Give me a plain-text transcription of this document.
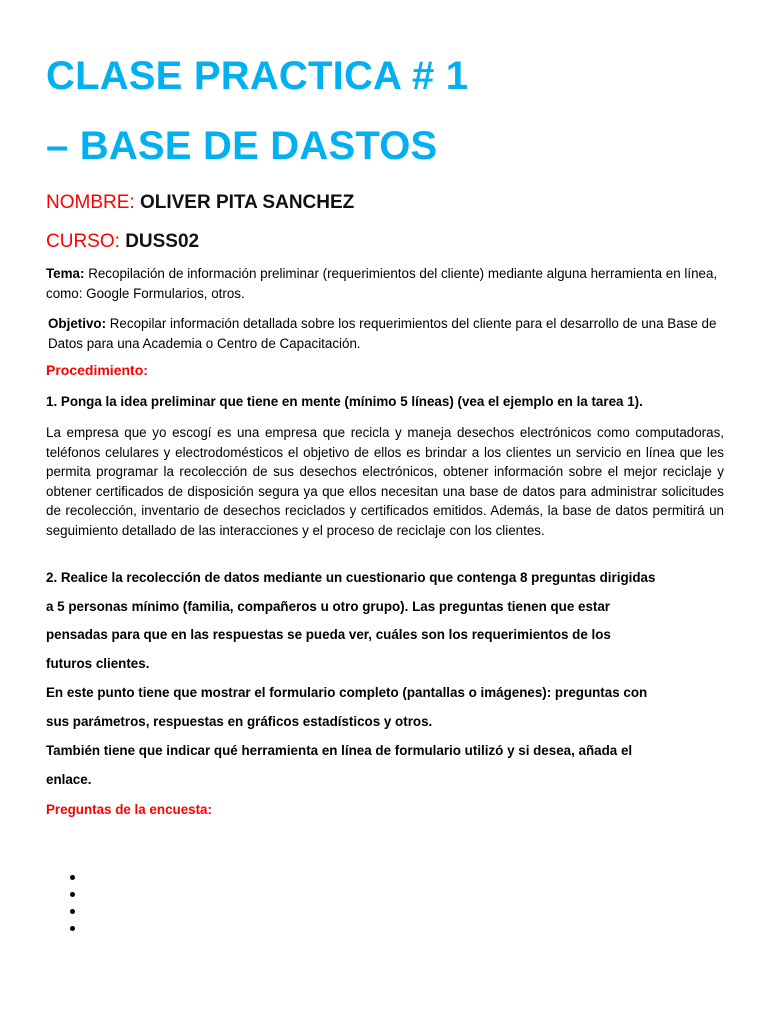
CLASE PRACTICA # 1
– BASE DE DASTOS
NOMBRE: OLIVER PITA SANCHEZ
CURSO: DUSS02

Tema: Recopilación de información preliminar (requerimientos del cliente) mediante alguna herramienta en línea, como: Google Formularios, otros.

Objetivo: Recopilar información detallada sobre los requerimientos del cliente para el desarrollo de una Base de Datos para una Academia o Centro de Capacitación.

Procedimiento:
1. Ponga la idea preliminar que tiene en mente (mínimo 5 líneas) (vea el ejemplo en la tarea 1).

La empresa que yo escogí es una empresa que recicla y maneja desechos electrónicos como computadoras, teléfonos celulares y electrodomésticos el objetivo de ellos es brindar a los clientes un servicio en línea que les permita programar la recolección de sus desechos electrónicos, obtener información sobre el mejor reciclaje y obtener certificados de disposición segura ya que ellos necesitan una base de datos para administrar solicitudes de recolección, inventario de desechos reciclados y certificados emitidos. Además, la base de datos permitirá un seguimiento detallado de las interacciones y el proceso de reciclaje con los clientes.

2. Realice la recolección de datos mediante un cuestionario que contenga 8 preguntas dirigidas
a 5 personas mínimo (familia, compañeros u otro grupo). Las preguntas tienen que estar
pensadas para que en las respuestas se pueda ver, cuáles son los requerimientos de los
futuros clientes.
En este punto tiene que mostrar el formulario completo (pantallas o imágenes): preguntas con
sus parámetros, respuestas en gráficos estadísticos y otros.
También tiene que indicar qué herramienta en línea de formulario utilizó y si desea, añada el
enlace.
Preguntas de la encuesta:
